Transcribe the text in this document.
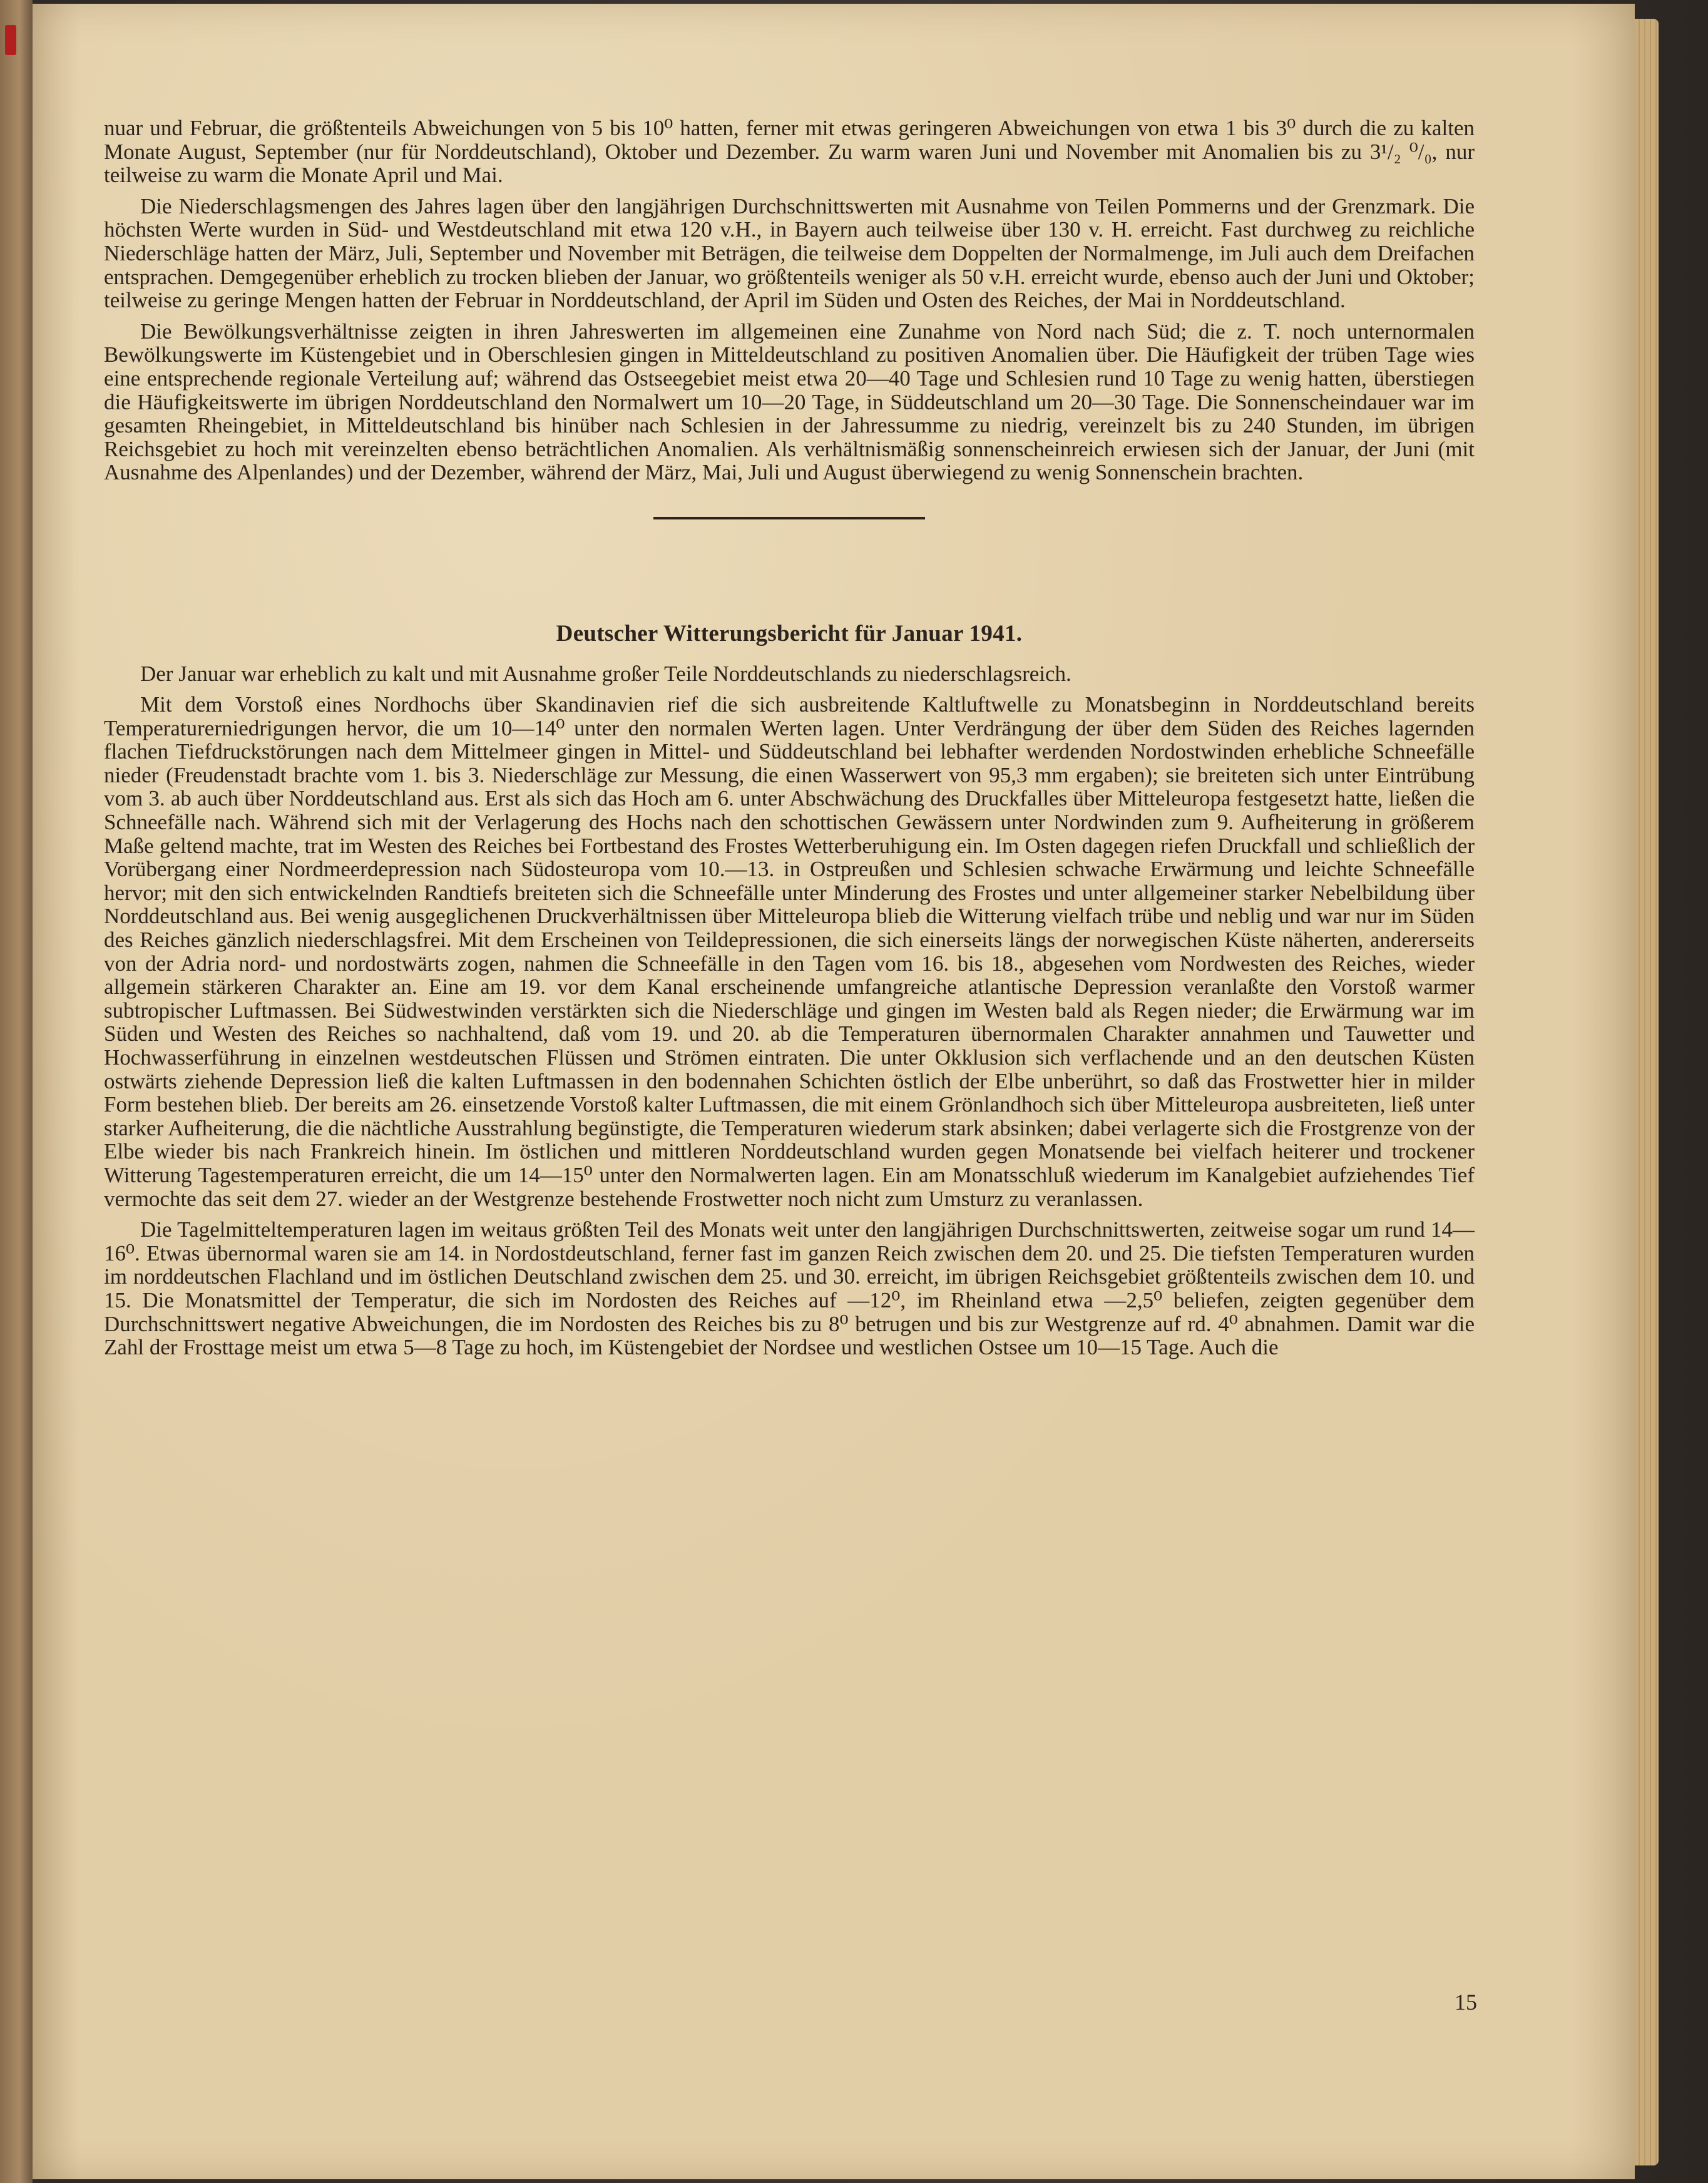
nuar und Februar, die größtenteils Abweichungen von 5 bis 10⁰ hatten, ferner mit etwas geringeren Abweichungen von etwa 1 bis 3⁰ durch die zu kalten Monate August, September (nur für Norddeutschland), Oktober und Dezember. Zu warm waren Juni und November mit Anomalien bis zu 3¹/₂ ⁰/₀, nur teilweise zu warm die Monate April und Mai.

Die Niederschlagsmengen des Jahres lagen über den langjährigen Durchschnittswerten mit Ausnahme von Teilen Pommerns und der Grenzmark. Die höchsten Werte wurden in Süd- und Westdeutschland mit etwa 120 v.H., in Bayern auch teilweise über 130 v. H. erreicht. Fast durchweg zu reichliche Niederschläge hatten der März, Juli, September und November mit Beträgen, die teilweise dem Doppelten der Normalmenge, im Juli auch dem Dreifachen entsprachen. Demgegenüber erheblich zu trocken blieben der Januar, wo größtenteils weniger als 50 v.H. erreicht wurde, ebenso auch der Juni und Oktober; teilweise zu geringe Mengen hatten der Februar in Norddeutschland, der April im Süden und Osten des Reiches, der Mai in Norddeutschland.

Die Bewölkungsverhältnisse zeigten in ihren Jahreswerten im allgemeinen eine Zunahme von Nord nach Süd; die z. T. noch unternormalen Bewölkungswerte im Küstengebiet und in Oberschlesien gingen in Mitteldeutschland zu positiven Anomalien über. Die Häufigkeit der trüben Tage wies eine entsprechende regionale Verteilung auf; während das Ostseegebiet meist etwa 20—40 Tage und Schlesien rund 10 Tage zu wenig hatten, überstiegen die Häufigkeitswerte im übrigen Norddeutschland den Normalwert um 10—20 Tage, in Süddeutschland um 20—30 Tage. Die Sonnenscheindauer war im gesamten Rheingebiet, in Mitteldeutschland bis hinüber nach Schlesien in der Jahressumme zu niedrig, vereinzelt bis zu 240 Stunden, im übrigen Reichsgebiet zu hoch mit vereinzelten ebenso beträchtlichen Anomalien. Als verhältnismäßig sonnenscheinreich erwiesen sich der Januar, der Juni (mit Ausnahme des Alpenlandes) und der Dezember, während der März, Mai, Juli und August überwiegend zu wenig Sonnenschein brachten.

Deutscher Witterungsbericht für Januar 1941.

Der Januar war erheblich zu kalt und mit Ausnahme großer Teile Norddeutschlands zu niederschlagsreich.

Mit dem Vorstoß eines Nordhochs über Skandinavien rief die sich ausbreitende Kaltluftwelle zu Monatsbeginn in Norddeutschland bereits Temperaturerniedrigungen hervor, die um 10—14⁰ unter den normalen Werten lagen. Unter Verdrängung der über dem Süden des Reiches lagernden flachen Tiefdruckstörungen nach dem Mittelmeer gingen in Mittel- und Süddeutschland bei lebhafter werdenden Nordostwinden erhebliche Schneefälle nieder (Freudenstadt brachte vom 1. bis 3. Niederschläge zur Messung, die einen Wasserwert von 95,3 mm ergaben); sie breiteten sich unter Eintrübung vom 3. ab auch über Norddeutschland aus. Erst als sich das Hoch am 6. unter Abschwächung des Druckfalles über Mitteleuropa festgesetzt hatte, ließen die Schneefälle nach. Während sich mit der Verlagerung des Hochs nach den schottischen Gewässern unter Nordwinden zum 9. Aufheiterung in größerem Maße geltend machte, trat im Westen des Reiches bei Fortbestand des Frostes Wetterberuhigung ein. Im Osten dagegen riefen Druckfall und schließlich der Vorübergang einer Nordmeerdepression nach Südosteuropa vom 10.—13. in Ostpreußen und Schlesien schwache Erwärmung und leichte Schneefälle hervor; mit den sich entwickelnden Randtiefs breiteten sich die Schneefälle unter Minderung des Frostes und unter allgemeiner starker Nebelbildung über Norddeutschland aus. Bei wenig ausgeglichenen Druckverhältnissen über Mitteleuropa blieb die Witterung vielfach trübe und neblig und war nur im Süden des Reiches gänzlich niederschlagsfrei. Mit dem Erscheinen von Teildepressionen, die sich einerseits längs der norwegischen Küste näherten, andererseits von der Adria nord- und nordostwärts zogen, nahmen die Schneefälle in den Tagen vom 16. bis 18., abgesehen vom Nordwesten des Reiches, wieder allgemein stärkeren Charakter an. Eine am 19. vor dem Kanal erscheinende umfangreiche atlantische Depression veranlaßte den Vorstoß warmer subtropischer Luftmassen. Bei Südwestwinden verstärkten sich die Niederschläge und gingen im Westen bald als Regen nieder; die Erwärmung war im Süden und Westen des Reiches so nachhaltend, daß vom 19. und 20. ab die Temperaturen übernormalen Charakter annahmen und Tauwetter und Hochwasserführung in einzelnen westdeutschen Flüssen und Strömen eintraten. Die unter Okklusion sich verflachende und an den deutschen Küsten ostwärts ziehende Depression ließ die kalten Luftmassen in den bodennahen Schichten östlich der Elbe unberührt, so daß das Frostwetter hier in milder Form bestehen blieb. Der bereits am 26. einsetzende Vorstoß kalter Luftmassen, die mit einem Grönlandhoch sich über Mitteleuropa ausbreiteten, ließ unter starker Aufheiterung, die die nächtliche Ausstrahlung begünstigte, die Temperaturen wiederum stark absinken; dabei verlagerte sich die Frostgrenze von der Elbe wieder bis nach Frankreich hinein. Im östlichen und mittleren Norddeutschland wurden gegen Monatsende bei vielfach heiterer und trockener Witterung Tagestemperaturen erreicht, die um 14—15⁰ unter den Normalwerten lagen. Ein am Monatsschluß wiederum im Kanalgebiet aufziehendes Tief vermochte das seit dem 27. wieder an der Westgrenze bestehende Frostwetter noch nicht zum Umsturz zu veranlassen.

Die Tagelmitteltemperaturen lagen im weitaus größten Teil des Monats weit unter den langjährigen Durchschnittswerten, zeitweise sogar um rund 14—16⁰. Etwas übernormal waren sie am 14. in Nordostdeutschland, ferner fast im ganzen Reich zwischen dem 20. und 25. Die tiefsten Temperaturen wurden im norddeutschen Flachland und im östlichen Deutschland zwischen dem 25. und 30. erreicht, im übrigen Reichsgebiet größtenteils zwischen dem 10. und 15. Die Monatsmittel der Temperatur, die sich im Nordosten des Reiches auf —12⁰, im Rheinland etwa —2,5⁰ beliefen, zeigten gegenüber dem Durchschnittswert negative Abweichungen, die im Nordosten des Reiches bis zu 8⁰ betrugen und bis zur Westgrenze auf rd. 4⁰ abnahmen. Damit war die Zahl der Frosttage meist um etwa 5—8 Tage zu hoch, im Küstengebiet der Nordsee und westlichen Ostsee um 10—15 Tage. Auch die

15
